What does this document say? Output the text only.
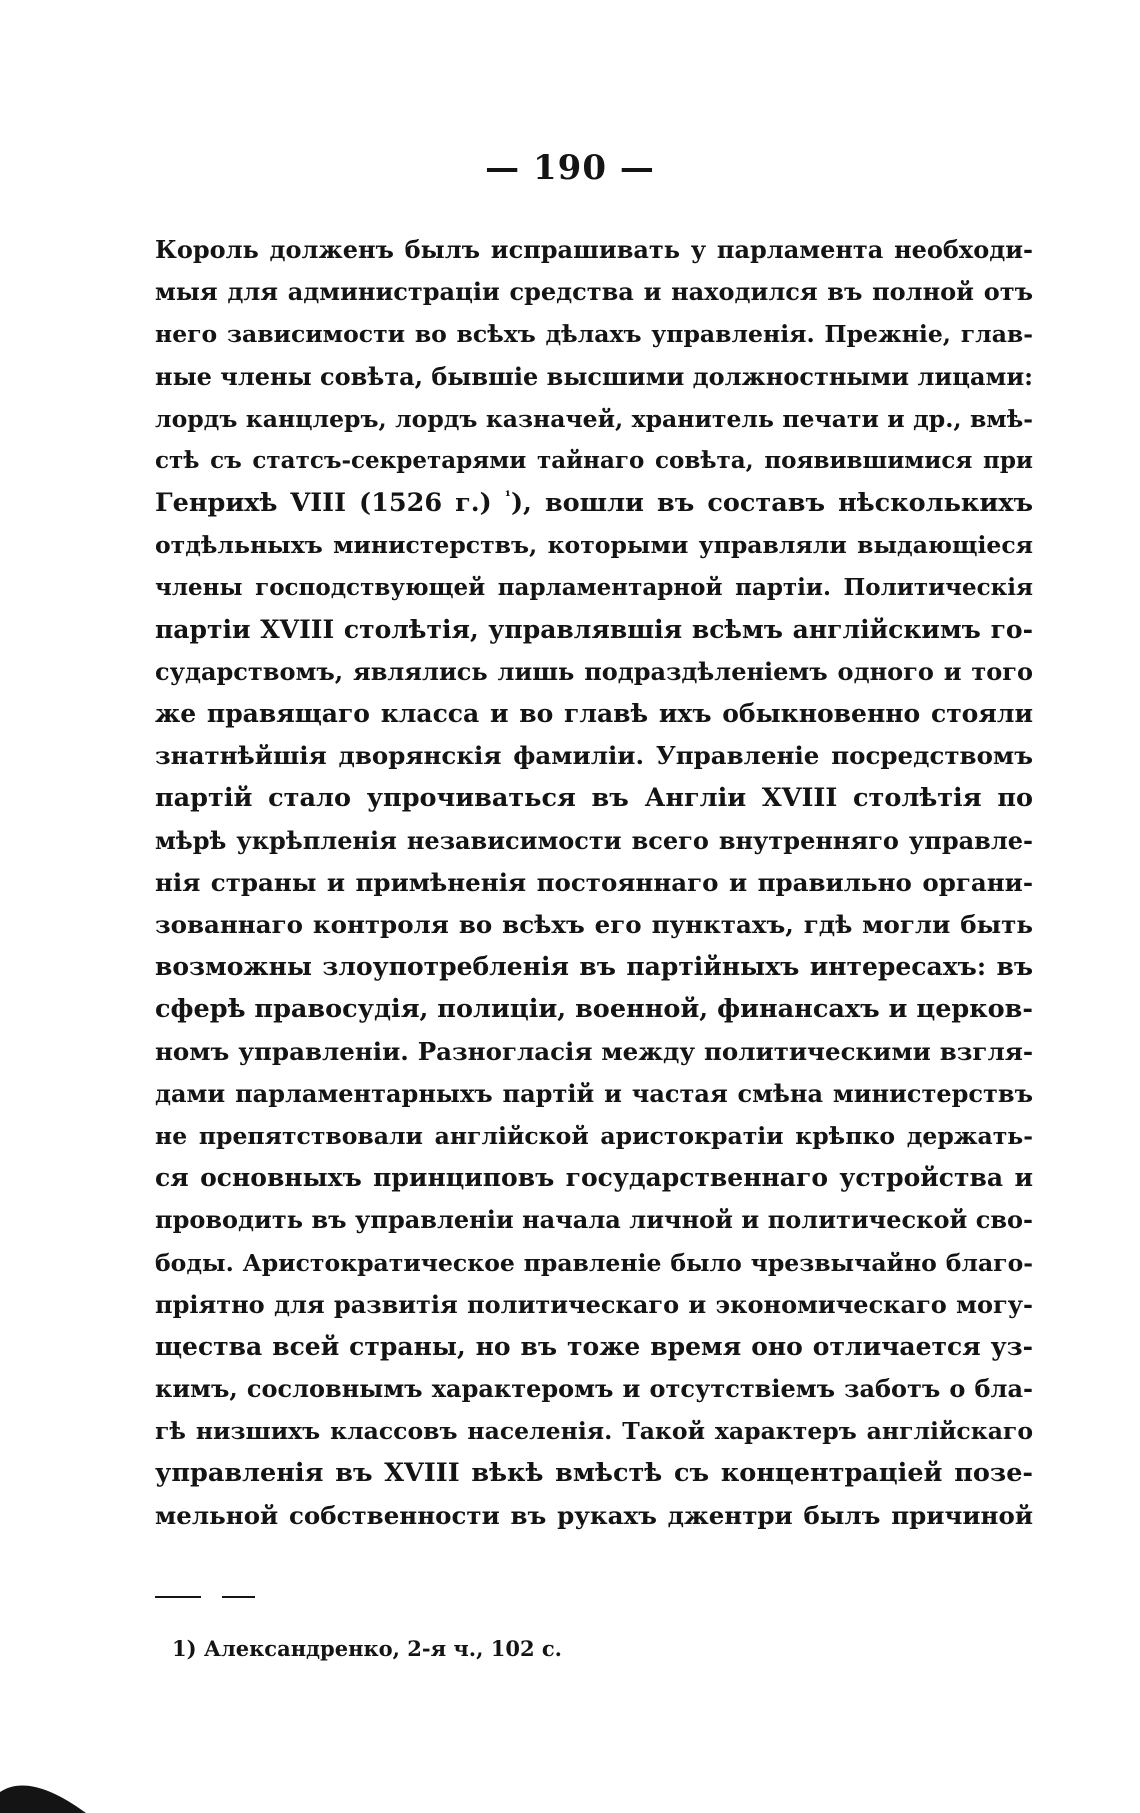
— 190 —
Король долженъ былъ испрашивать у парламента необходи-
мыя для администраціи средства и находился въ полной отъ
него зависимости во всѣхъ дѣлахъ управленія. Прежніе, глав-
ные члены совѣта, бывшіе высшими должностными лицами:
лордъ канцлеръ, лордъ казначей, хранитель печати и др., вмѣ-
стѣ съ статсъ-секретарями тайнаго совѣта, появившимися при
Генрихѣ VIII (1526 г.) $^{^1}$), вошли въ составъ нѣсколькихъ
отдѣльныхъ министерствъ, которыми управляли выдающіеся
члены господствующей парламентарной партіи. Политическія
партіи XVIII столѣтія, управлявшія всѣмъ англійскимъ го-
сударствомъ, являлись лишь подраздѣленіемъ одного и того
же правящаго класса и во главѣ ихъ обыкновенно стояли
знатнѣйшія дворянскія фамиліи. Управленіе посредствомъ
партій стало упрочиваться въ Англіи XVIII столѣтія по
мѣрѣ укрѣпленія независимости всего внутренняго управле-
нія страны и примѣненія постояннаго и правильно органи-
зованнаго контроля во всѣхъ его пунктахъ, гдѣ могли быть
возможны злоупотребленія въ партійныхъ интересахъ: въ
сферѣ правосудія, полиціи, военной, финансахъ и церков-
номъ управленіи. Разногласія между политическими взгля-
дами парламентарныхъ партій и частая смѣна министерствъ
не препятствовали англійской аристократіи крѣпко держать-
ся основныхъ принциповъ государственнаго устройства и
проводить въ управленіи начала личной и политической сво-
боды. Аристократическое правленіе было чрезвычайно благо-
пріятно для развитія политическаго и экономическаго могу-
щества всей страны, но въ тоже время оно отличается уз-
кимъ, сословнымъ характеромъ и отсутствіемъ заботъ о бла-
гѣ низшихъ классовъ населенія. Такой характеръ англійскаго
управленія въ XVIII вѣкѣ вмѣстѣ съ концентраціей позе-
мельной собственности въ рукахъ джентри былъ причиной
1) Александренко, 2-я ч., 102 с.
